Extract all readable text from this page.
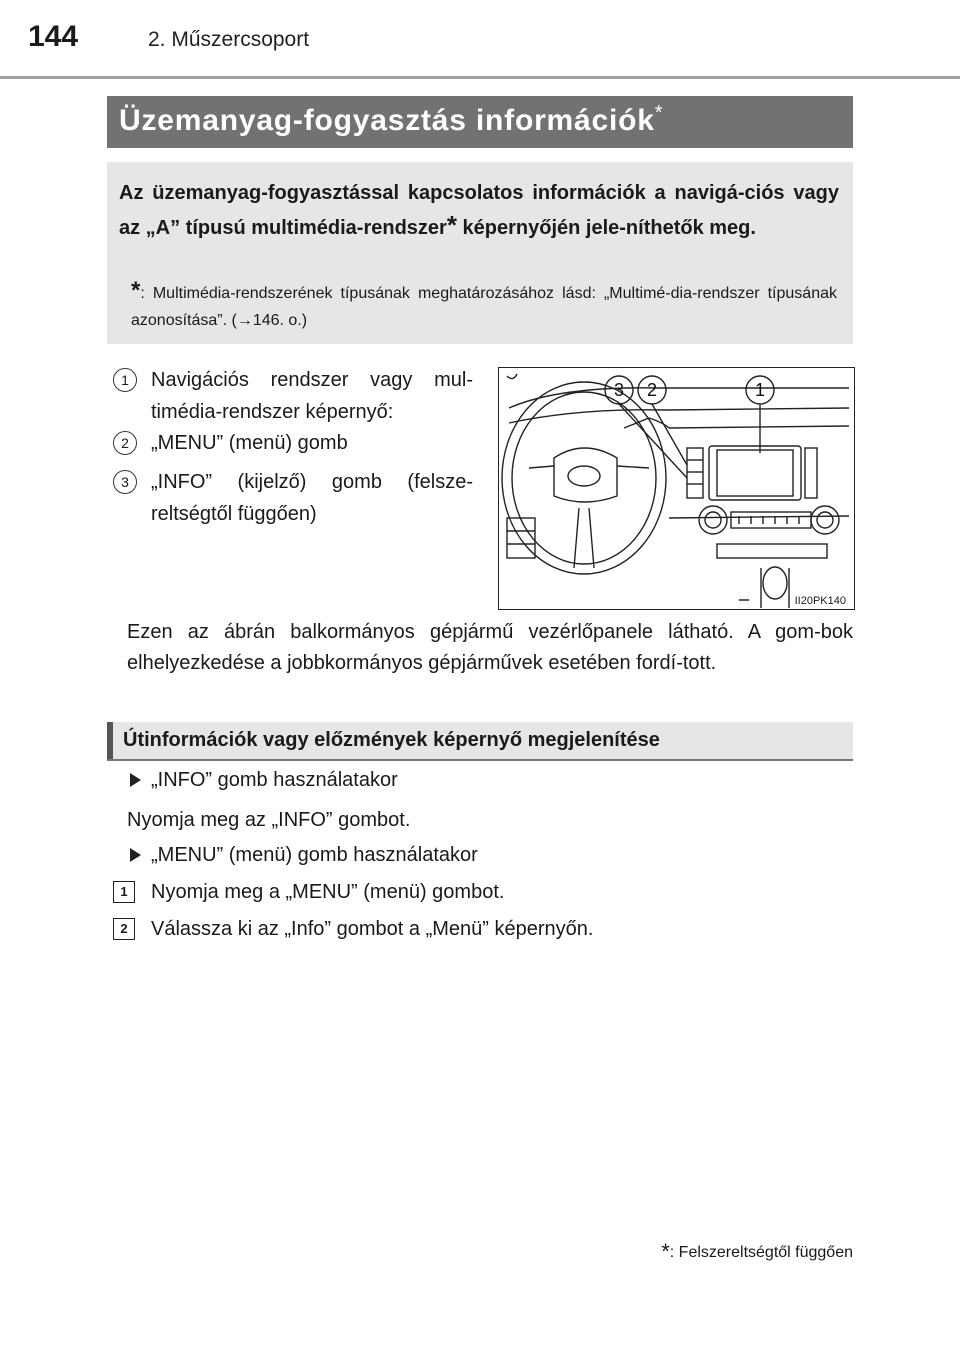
144	2. Műszercsoport
Üzemanyag-fogyasztás információk*
Az üzemanyag-fogyasztással kapcsolatos információk a navigá-ciós vagy az „A” típusú multimédia-rendszer* képernyőjén jele-níthetők meg.
*: Multimédia-rendszerének típusának meghatározásához lásd: „Multimé-dia-rendszer típusának azonosítása”. (→146. o.)
1	Navigációs rendszer vagy mul-timédia-rendszer képernyő:
2	„MENU” (menü) gomb
3	„INFO” (kijelző) gomb (felsze-reltségtől függően)
3 2	1
II20PK140
Ezen az ábrán balkormányos gépjármű vezérlőpanele látható. A gom-bok elhelyezkedése a jobbkormányos gépjárművek esetében fordí-tott.
Útinformációk vagy előzmények képernyő megjelenítése
„INFO” gomb használatakor
Nyomja meg az „INFO” gombot.
„MENU” (menü) gomb használatakor
1 Nyomja meg a „MENU” (menü) gombot.
2 Válassza ki az „Info” gombot a „Menü” képernyőn.
*: Felszereltségtől függően
